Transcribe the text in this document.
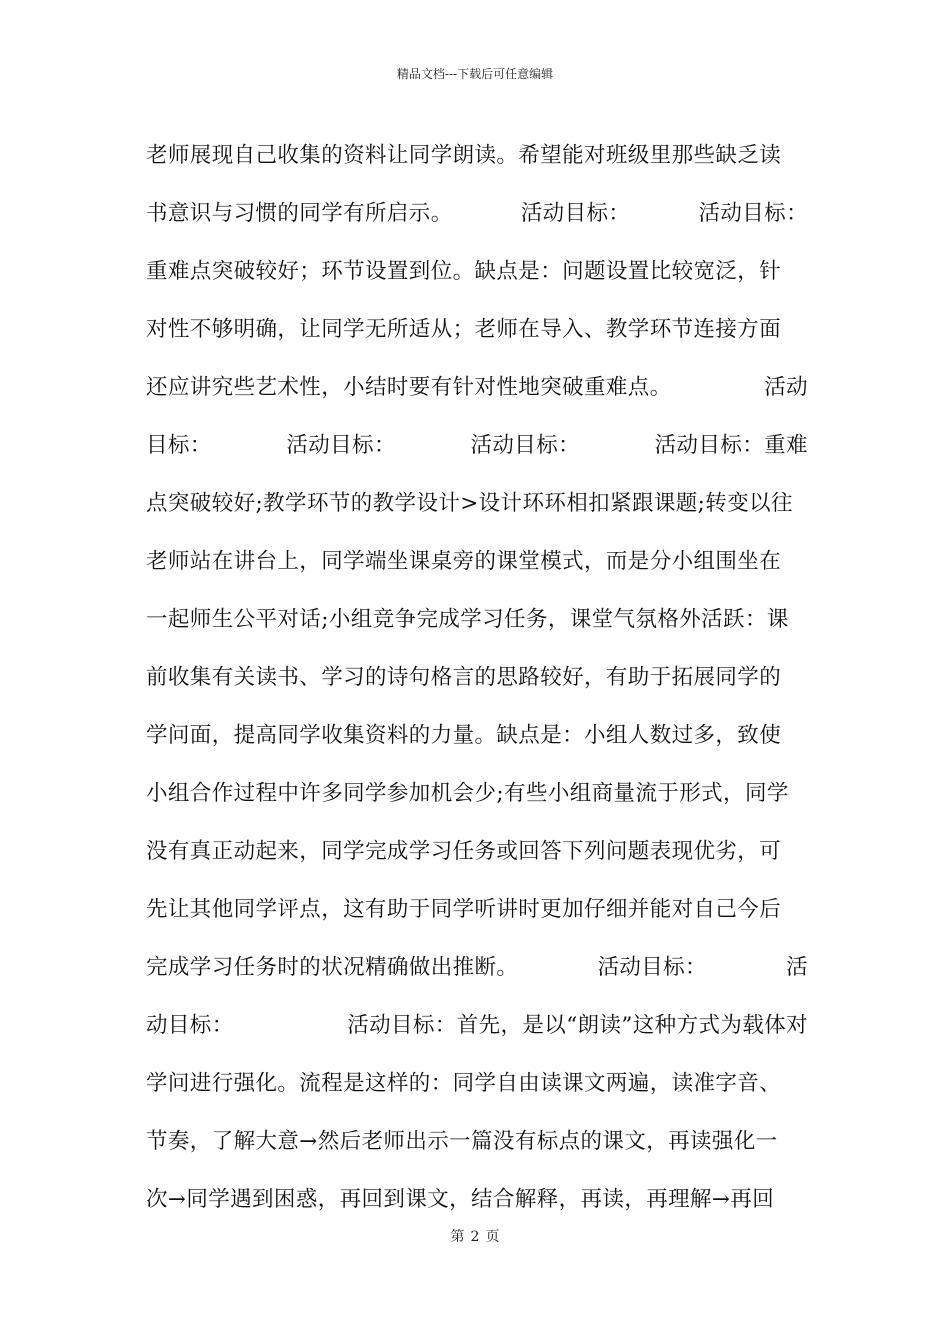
精品文档---下载后可任意编辑
老师展现自己收集的资料让同学朗读。希望能对班级里那些缺乏读
书意识与习惯的同学有所启示。	活动目标：	活动目标：
重难点突破较好；环节设置到位。缺点是：问题设置比较宽泛，针
对性不够明确，让同学无所适从；老师在导入、教学环节连接方面
还应讲究些艺术性，小结时要有针对性地突破重难点。	活动
目标：	活动目标：	活动目标：	活动目标：重难
点突破较好;教学环节的教学设计>设计环环相扣紧跟课题;转变以往
老师站在讲台上，同学端坐课桌旁的课堂模式，而是分小组围坐在
一起师生公平对话;小组竞争完成学习任务，课堂气氛格外活跃：课
前收集有关读书、学习的诗句格言的思路较好，有助于拓展同学的
学问面，提高同学收集资料的力量。缺点是：小组人数过多，致使
小组合作过程中许多同学参加机会少;有些小组商量流于形式，同学
没有真正动起来，同学完成学习任务或回答下列问题表现优劣，可
先让其他同学评点，这有助于同学听讲时更加仔细并能对自己今后
完成学习任务时的状况精确做出推断。	活动目标：	活
动目标：	活动目标：首先，是以“朗读”这种方式为载体对
学问进行强化。流程是这样的：同学自由读课文两遍，读准字音、
节奏，了解大意→然后老师出示一篇没有标点的课文，再读强化一
次→同学遇到困惑，再回到课文，结合解释，再读，再理解→再回
第 2 页
